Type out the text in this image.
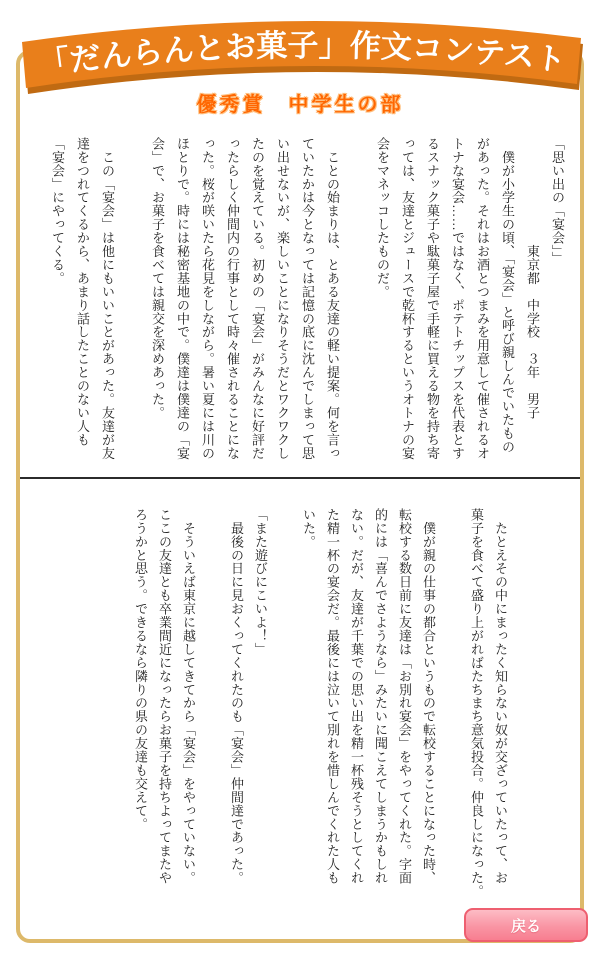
「だんらんとお菓子」作文コンテスト
優秀賞　中学生の部
「思い出の「宴会」」
　　　　　　　　東京都　中学校　３年　男子
　僕が小学生の頃、「宴会」と呼び親しんでいたもの
があった。それはお酒とつまみを用意して催されるオ
トナな宴会……ではなく、ポテトチップスを代表とす
るスナック菓子や駄菓子屋で手軽に買える物を持ち寄
っては、友達とジュースで乾杯するというオトナの宴
会をマネッコしたものだ。

　ことの始まりは、とある友達の軽い提案。何を言っ
ていたかは今となっては記憶の底に沈んでしまって思
い出せないが、楽しいことになりそうだとワクワクし
たのを覚えている。初めの「宴会」がみんなに好評だ
ったらしく仲間内の行事として時々催されることにな
った。桜が咲いたら花見をしながら。暑い夏には川の
ほとりで。時には秘密基地の中で。僕達は僕達の「宴
会」で、お菓子を食べては親交を深めあった。

　この「宴会」は他にもいいことがあった。友達が友
達をつれてくるから、あまり話したことのない人も
「宴会」にやってくる。
　たとえその中にまったく知らない奴が交ざっていたって、お
菓子を食べて盛り上がればたちまち意気投合。仲良しになった。

　僕が親の仕事の都合というもので転校することになった時、
転校する数日前に友達は「お別れ宴会」をやってくれた。字面
的には「喜んでさようなら」みたいに聞こえてしまうかもしれ
ない。だが、友達が千葉での思い出を精一杯残そうとしてくれ
た精一杯の宴会だ。最後には泣いて別れを惜しんでくれた人も
いた。

「また遊びにこいよ！」
　最後の日に見おくってくれたのも「宴会」仲間達であった。

　そういえば東京に越してきてから「宴会」をやっていない。
ここの友達とも卒業間近になったらお菓子を持ちよってまたや
ろうかと思う。できるなら隣りの県の友達も交えて。
戻る
